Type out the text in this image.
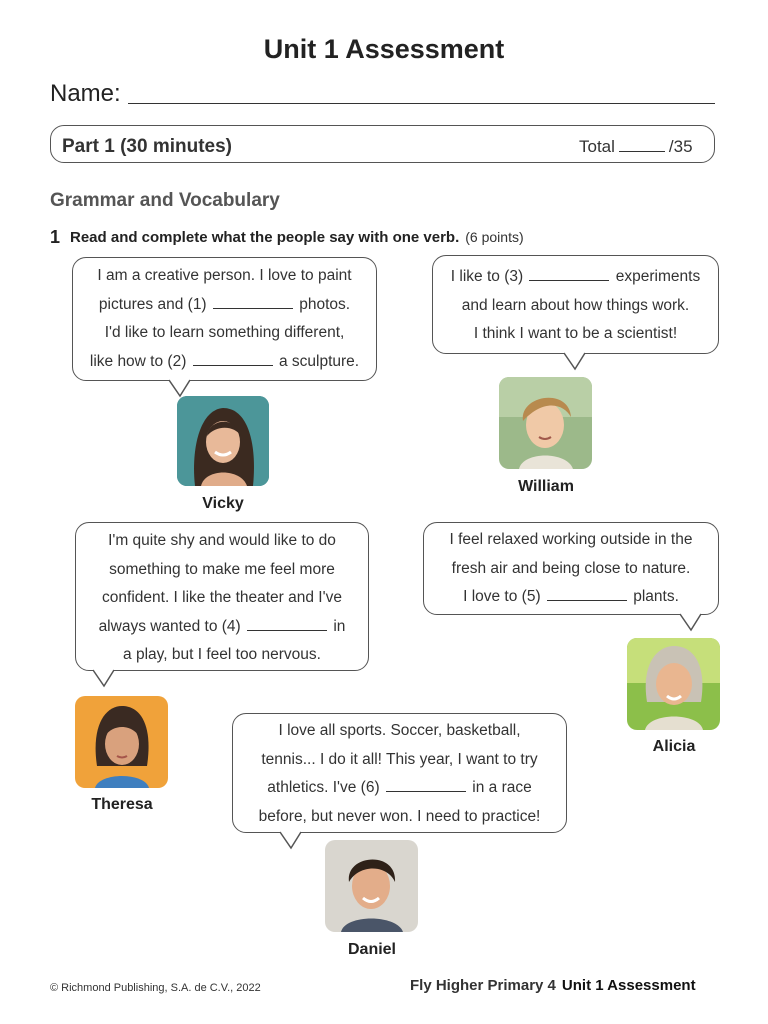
Unit 1 Assessment
Name:
Part 1 (30 minutes)	Total	/35
Grammar and Vocabulary
1 Read and complete what the people say with one verb. (6 points)
I am a creative person. I love to paint
pictures and (1)	photos.
I'd like to learn something different,
like how to (2)	a sculpture.
Vicky
I like to (3)	experiments
and learn about how things work.
I think I want to be a scientist!
William
I'm quite shy and would like to do
something to make me feel more
confident. I like the theater and I've
always wanted to (4)	in
a play, but I feel too nervous.
Theresa
I feel relaxed working outside in the
fresh air and being close to nature.
I love to (5)	plants.
Alicia
I love all sports. Soccer, basketball,
tennis... I do it all! This year, I want to try
athletics. I've (6)	in a race
before, but never won. I need to practice!
Daniel
© Richmond Publishing, S.A. de C.V., 2022	Fly Higher Primary 4 Unit 1 Assessment
